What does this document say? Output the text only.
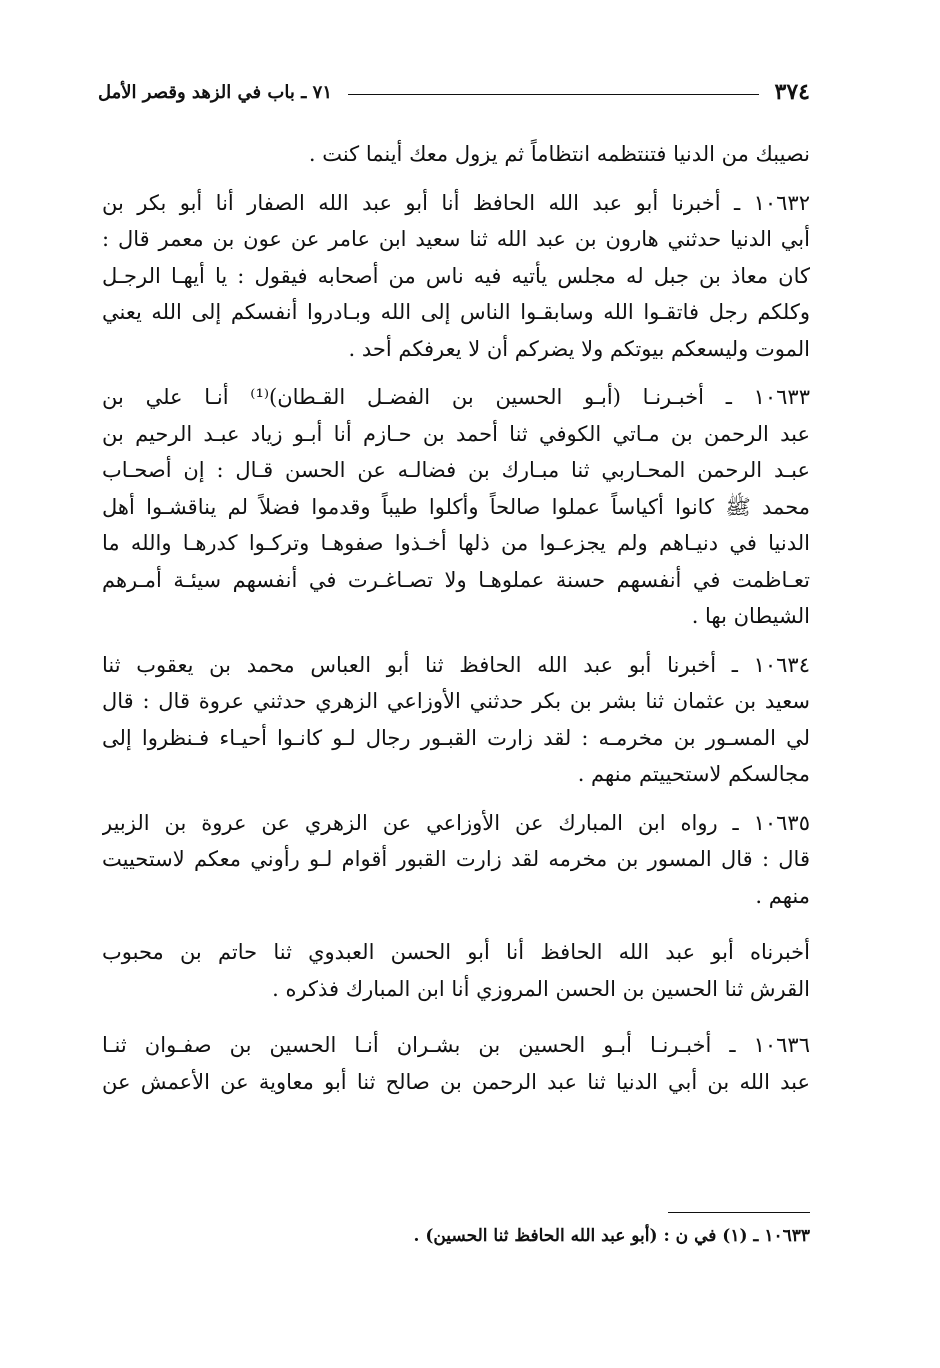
٣٧٤
٧١ ـ باب في الزهد وقصر الأمل
نصيبك من الدنيا فتنتظمه انتظاماً ثم يزول معك أينما كنت .
١٠٦٣٢ ـ أخبرنا أبو عبد الله الحافظ أنا أبو عبد الله الصفار أنا أبو بكر بن
أبي الدنيا حدثني هارون بن عبد الله ثنا سعيد ابن عامر عن عون بن معمر قال :
كان معاذ بن جبل له مجلس يأتيه فيه ناس من أصحابه فيقول : يا أيهـا الرجـل
وكلكم رجل فاتقـوا الله وسابقـوا الناس إلى الله وبـادروا أنفسكم إلى الله يعني
الموت وليسعكم بيوتكم ولا يضركم أن لا يعرفكم أحد .
١٠٦٣٣ ـ أخبـرنـا (أبـو الحسين بن الفضـل القـطان)⁽¹⁾ أنـا علي بن
عبد الرحمن بن مـاتي الكوفي ثنا أحمد بن حـازم أنا أبـو زياد عبـد الرحيم بن
عبـد الرحمن المحـاربي ثنا مبـارك بن فضالـه عن الحسن قـال : إن أصحـاب
محمد ﷺ كانوا أكياساً عملوا صالحاً وأكلوا طيباً وقدموا فضلاً لم يناقشـوا أهل
الدنيا في دنيـاهم ولم يجزعـوا من ذلها أخـذوا صفوهـا وتركـوا كدرهـا والله ما
تعـاظمت في أنفسهم حسنة عملوهـا ولا تصـاغـرت في أنفسهم سيئـة أمـرهم
الشيطان بها .
١٠٦٣٤ ـ أخبرنا أبو عبد الله الحافظ ثنا أبو العباس محمد بن يعقوب ثنا
سعيد بن عثمان ثنا بشر بن بكر حدثني الأوزاعي الزهري حدثني عروة قال : قال
لي المسـور بن مخرمـه : لقد زارت القبـور رجال لـو كانـوا أحيـاء فـنظروا إلى
مجالسكم لاستحييتم منهم .
١٠٦٣٥ ـ رواه ابن المبارك عن الأوزاعي عن الزهري عن عروة بن الزبير
قال : قال المسور بن مخرمه لقد زارت القبور أقوام لـو رأوني معكم لاستحييت
منهم .
أخبرناه أبو عبد الله الحافظ أنا أبو الحسن العبدوي ثنا حاتم بن محبوب
القرش ثنا الحسين بن الحسن المروزي أنا ابن المبارك فذكره .
١٠٦٣٦ ـ أخبـرنـا أبـو الحسين بن بشـران أنـا الحسين بن صفـوان ثنـا
عبد الله بن أبي الدنيا ثنا عبد الرحمن بن صالح ثنا أبو معاوية عن الأعمش عن
١٠٦٣٣ ـ (١) في ن : (أبو عبد الله الحافظ ثنا الحسين) .
